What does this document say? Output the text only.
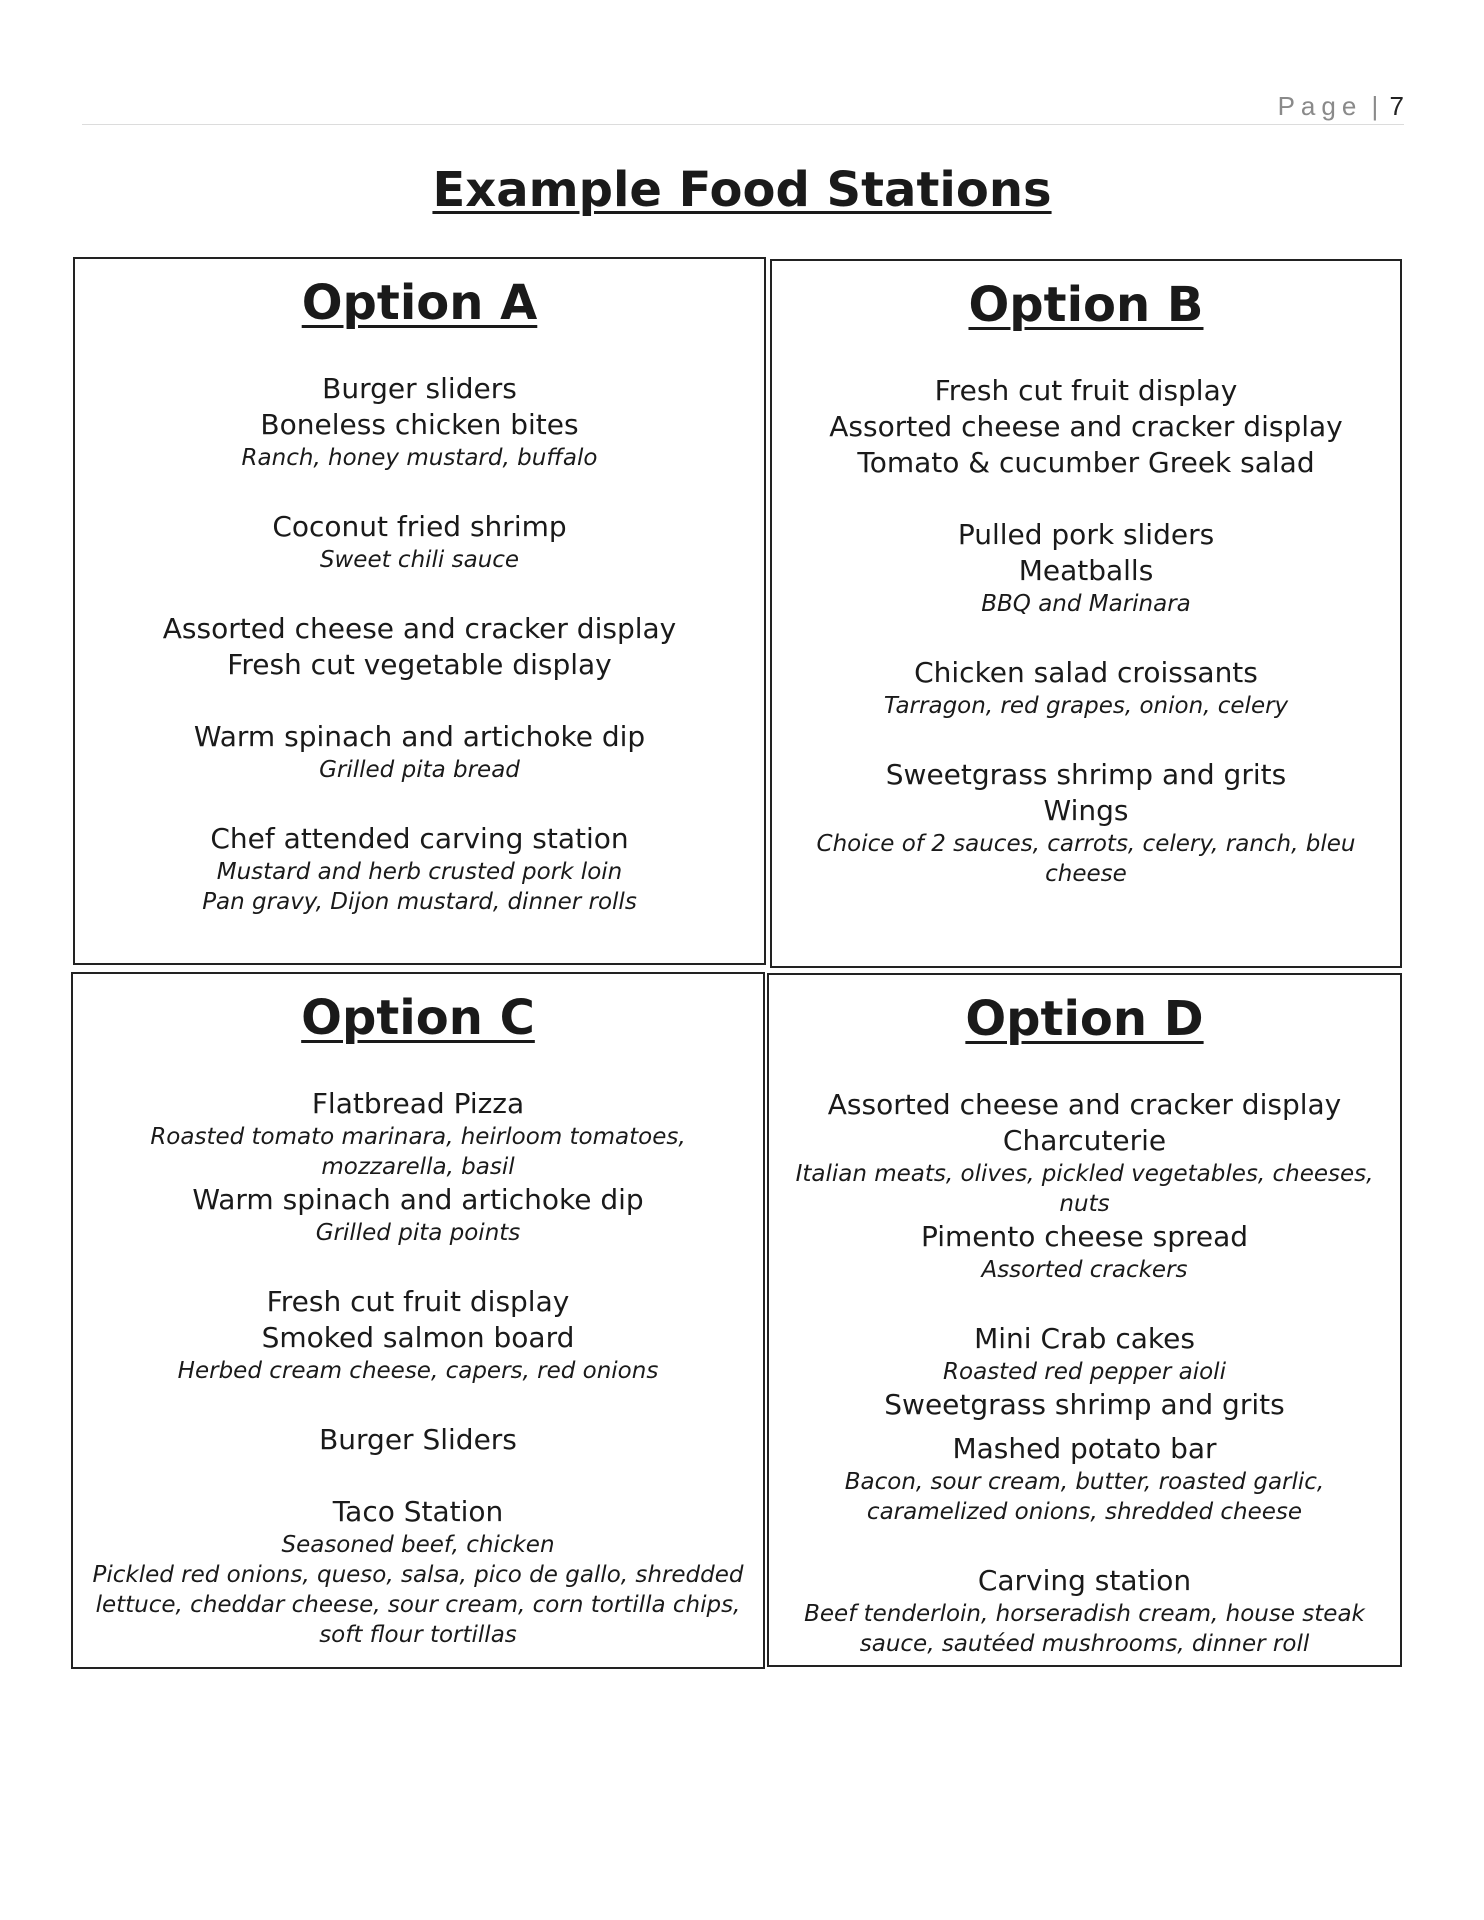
Page | 7
Example Food Stations
Option A
Burger sliders
Boneless chicken bites
Ranch, honey mustard, buffalo
Coconut fried shrimp
Sweet chili sauce
Assorted cheese and cracker display
Fresh cut vegetable display
Warm spinach and artichoke dip
Grilled pita bread
Chef attended carving station
Mustard and herb crusted pork loin
Pan gravy, Dijon mustard, dinner rolls
Option B
Fresh cut fruit display
Assorted cheese and cracker display
Tomato & cucumber Greek salad
Pulled pork sliders
Meatballs
BBQ and Marinara
Chicken salad croissants
Tarragon, red grapes, onion, celery
Sweetgrass shrimp and grits
Wings
Choice of 2 sauces, carrots, celery, ranch, bleu cheese
Option C
Flatbread Pizza
Roasted tomato marinara, heirloom tomatoes, mozzarella, basil
Warm spinach and artichoke dip
Grilled pita points
Fresh cut fruit display
Smoked salmon board
Herbed cream cheese, capers, red onions
Burger Sliders
Taco Station
Seasoned beef, chicken
Pickled red onions, queso, salsa, pico de gallo, shredded lettuce, cheddar cheese, sour cream, corn tortilla chips, soft flour tortillas
Option D
Assorted cheese and cracker display
Charcuterie
Italian meats, olives, pickled vegetables, cheeses, nuts
Pimento cheese spread
Assorted crackers
Mini Crab cakes
Roasted red pepper aioli
Sweetgrass shrimp and grits
Mashed potato bar
Bacon, sour cream, butter, roasted garlic, caramelized onions, shredded cheese
Carving station
Beef tenderloin, horseradish cream, house steak sauce, sautéed mushrooms, dinner roll
